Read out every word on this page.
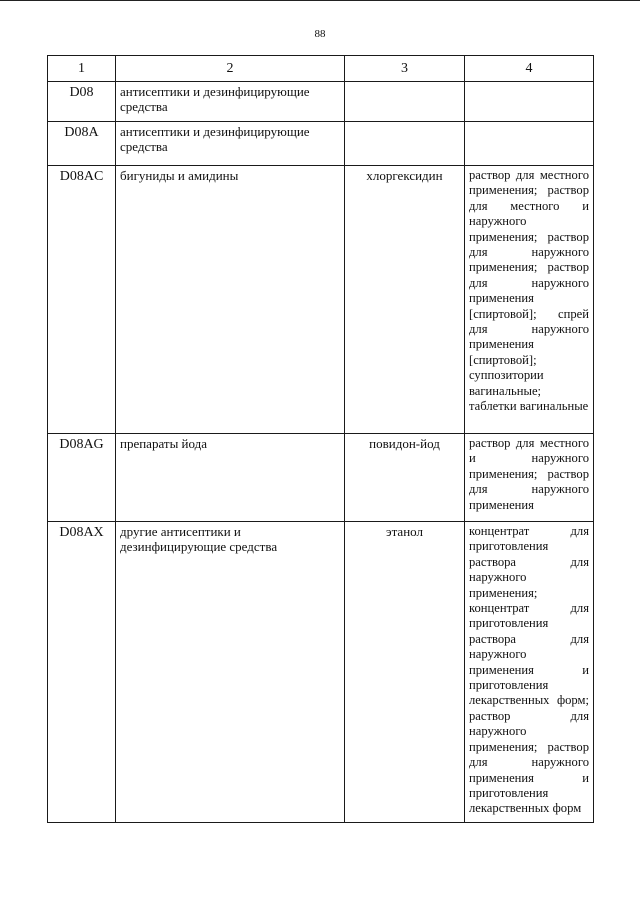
88
1	2	3	4
D08	антисептики и дезинфицирующие средства		
D08A	антисептики и дезинфицирующие средства		
D08AC	бигуниды и амидины	хлоргексидин	раствор для местного применения; раствор для местного и наружного применения; раствор для наружного применения; раствор для наружного применения [спиртовой]; спрей для наружного применения [спиртовой]; суппозитории вагинальные; таблетки вагинальные
D08AG	препараты йода	повидон-йод	раствор для местного и наружного применения; раствор для наружного применения
D08AX	другие антисептики и дезинфицирующие средства	этанол	концентрат для приготовления раствора для наружного применения; концентрат для приготовления раствора для наружного применения и приготовления лекарственных форм; раствор для наружного применения; раствор для наружного применения и приготовления лекарственных форм
